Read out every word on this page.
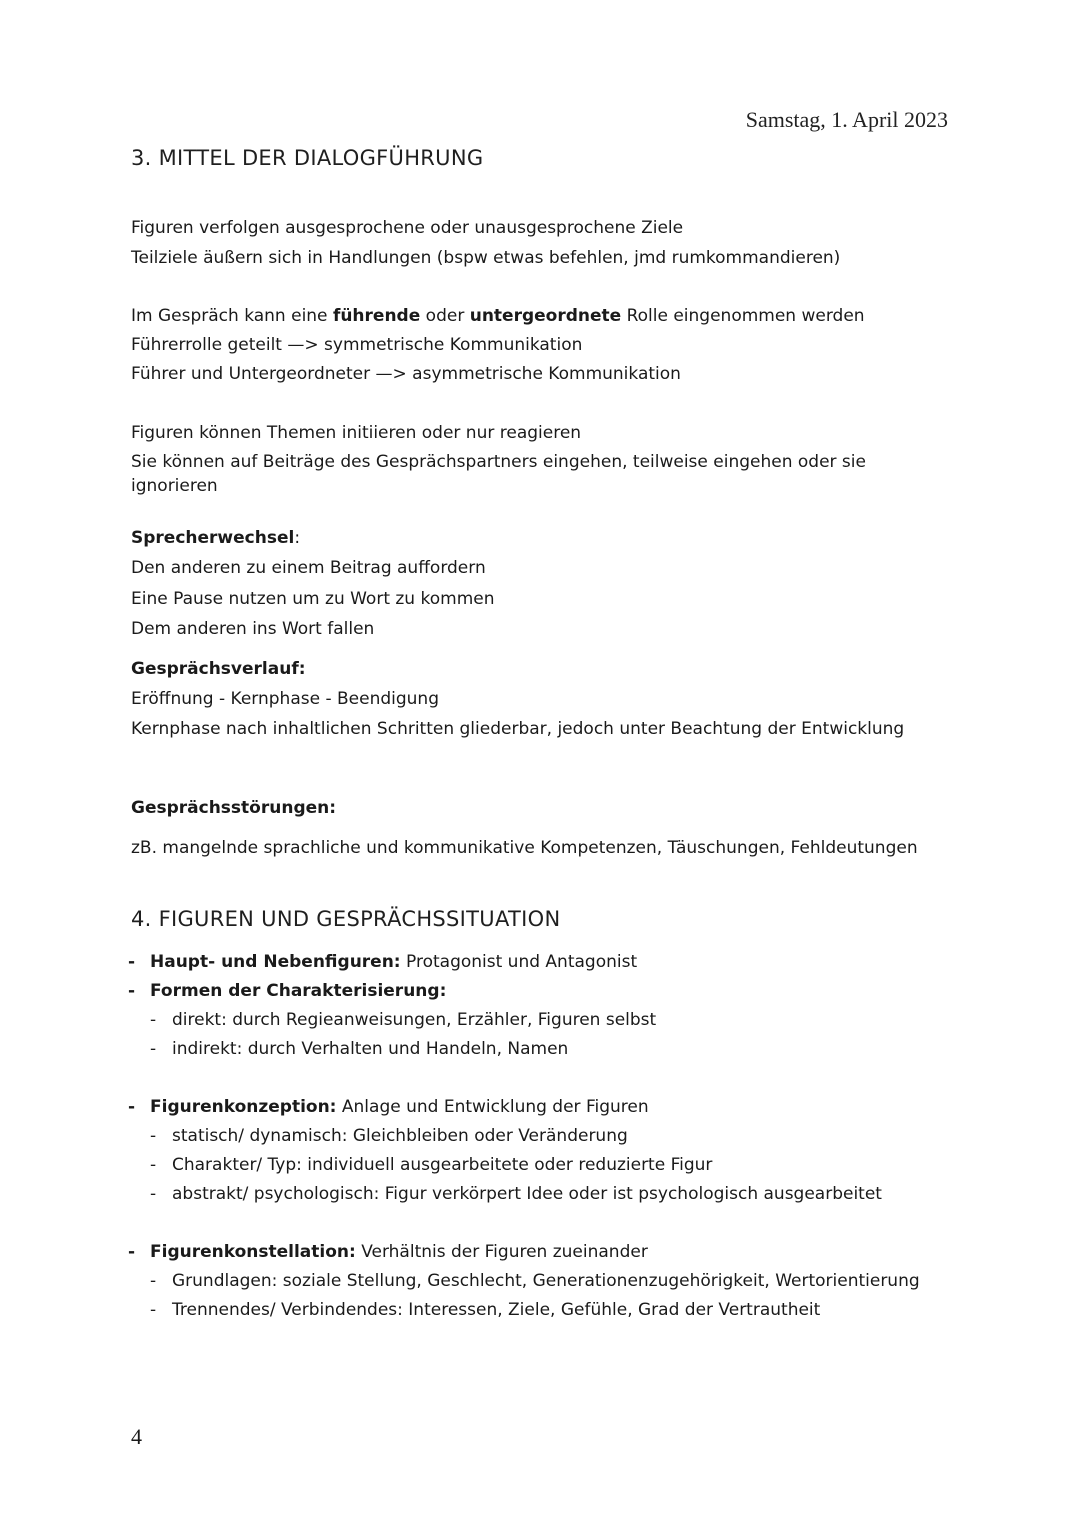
Samstag, 1. April 2023
3. MITTEL DER DIALOGFÜHRUNG
Figuren verfolgen ausgesprochene oder unausgesprochene Ziele
Teilziele äußern sich in Handlungen (bspw etwas befehlen, jmd rumkommandieren)
Im Gespräch kann eine führende oder untergeordnete Rolle eingenommen werden
Führerrolle geteilt —> symmetrische Kommunikation
Führer und Untergeordneter —> asymmetrische Kommunikation
Figuren können Themen initiieren oder nur reagieren
Sie können auf Beiträge des Gesprächspartners eingehen, teilweise eingehen oder sie ignorieren
Sprecherwechsel:
Den anderen zu einem Beitrag auffordern
Eine Pause nutzen um zu Wort zu kommen
Dem anderen ins Wort fallen
Gesprächsverlauf:
Eröffnung - Kernphase - Beendigung
Kernphase nach inhaltlichen Schritten gliederbar, jedoch unter Beachtung der Entwicklung
Gesprächsstörungen:
zB. mangelnde sprachliche und kommunikative Kompetenzen, Täuschungen, Fehldeutungen
4. FIGUREN UND GESPRÄCHSSITUATION
- Haupt- und Nebenfiguren: Protagonist und Antagonist
- Formen der Charakterisierung:
- direkt: durch Regieanweisungen, Erzähler, Figuren selbst
- indirekt: durch Verhalten und Handeln, Namen
- Figurenkonzeption: Anlage und Entwicklung der Figuren
- statisch/ dynamisch: Gleichbleiben oder Veränderung
- Charakter/ Typ: individuell ausgearbeitete oder reduzierte Figur
- abstrakt/ psychologisch: Figur verkörpert Idee oder ist psychologisch ausgearbeitet
- Figurenkonstellation: Verhältnis der Figuren zueinander
- Grundlagen: soziale Stellung, Geschlecht, Generationenzugehörigkeit, Wertorientierung
- Trennendes/ Verbindendes: Interessen, Ziele, Gefühle, Grad der Vertrautheit
4
